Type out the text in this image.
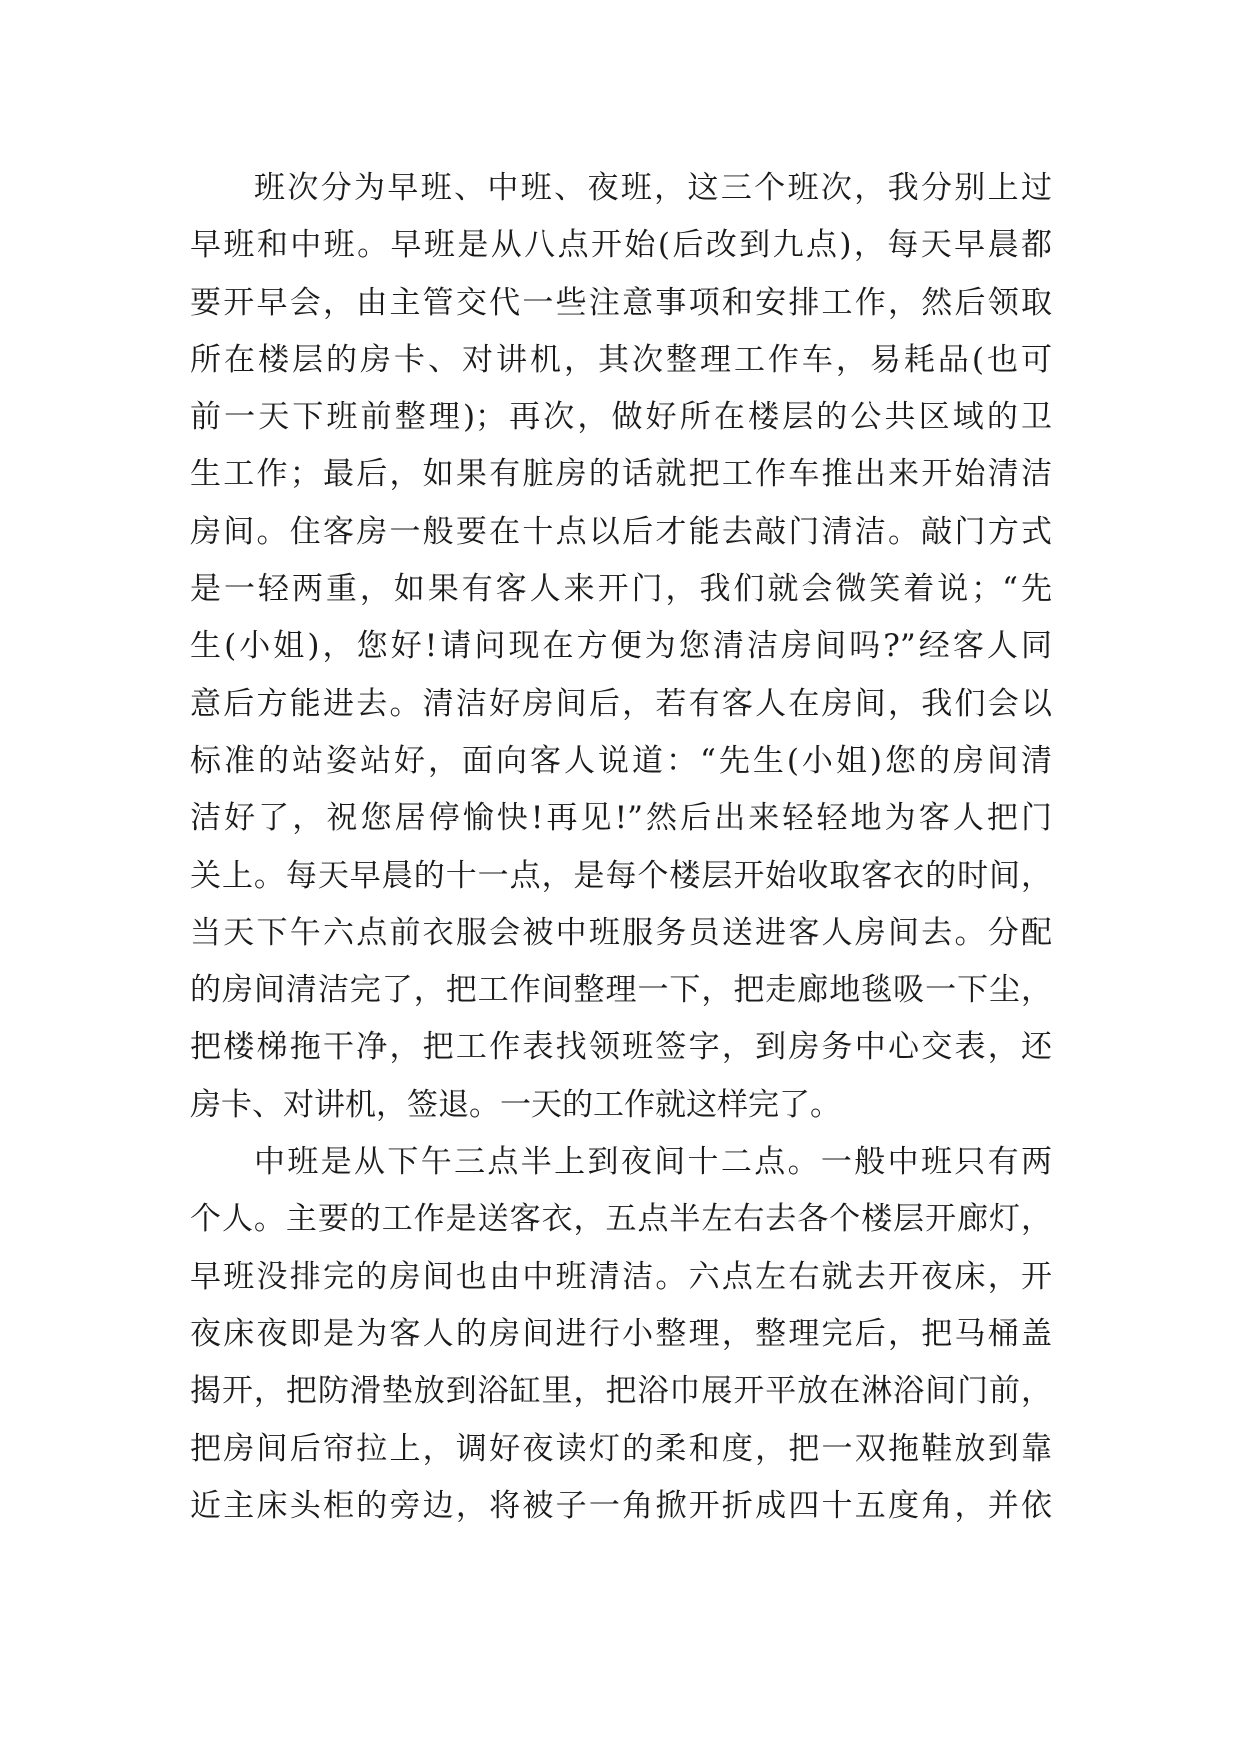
班次分为早班、中班、夜班，这三个班次，我分别上过
早班和中班。早班是从八点开始(后改到九点)，每天早晨都
要开早会，由主管交代一些注意事项和安排工作，然后领取
所在楼层的房卡、对讲机，其次整理工作车，易耗品(也可
前一天下班前整理)；再次，做好所在楼层的公共区域的卫
生工作；最后，如果有脏房的话就把工作车推出来开始清洁
房间。住客房一般要在十点以后才能去敲门清洁。敲门方式
是一轻两重，如果有客人来开门，我们就会微笑着说；“先
生(小姐)，您好!请问现在方便为您清洁房间吗?”经客人同
意后方能进去。清洁好房间后，若有客人在房间，我们会以
标准的站姿站好，面向客人说道：“先生(小姐)您的房间清
洁好了，祝您居停愉快!再见!”然后出来轻轻地为客人把门
关上。每天早晨的十一点，是每个楼层开始收取客衣的时间，
当天下午六点前衣服会被中班服务员送进客人房间去。分配
的房间清洁完了，把工作间整理一下，把走廊地毯吸一下尘，
把楼梯拖干净，把工作表找领班签字，到房务中心交表，还
房卡、对讲机，签退。一天的工作就这样完了。
中班是从下午三点半上到夜间十二点。一般中班只有两
个人。主要的工作是送客衣，五点半左右去各个楼层开廊灯，
早班没排完的房间也由中班清洁。六点左右就去开夜床，开
夜床夜即是为客人的房间进行小整理，整理完后，把马桶盖
揭开，把防滑垫放到浴缸里，把浴巾展开平放在淋浴间门前，
把房间后帘拉上，调好夜读灯的柔和度，把一双拖鞋放到靠
近主床头柜的旁边，将被子一角掀开折成四十五度角，并依
